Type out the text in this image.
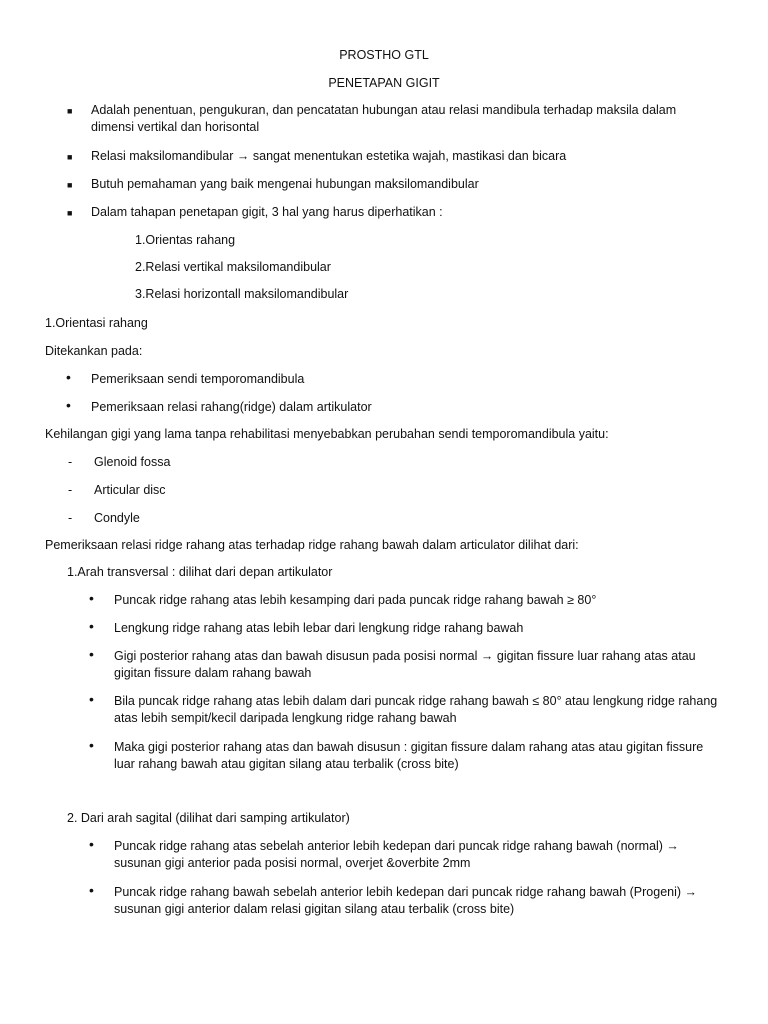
PROSTHO GTL
PENETAPAN GIGIT
■ Adalah penentuan, pengukuran, dan pencatatan hubungan atau relasi mandibula terhadap maksila dalam
dimensi vertikal dan horisontal
■ Relasi maksilomandibular → sangat menentukan estetika wajah, mastikasi dan bicara
■ Butuh pemahaman yang baik mengenai hubungan maksilomandibular
■ Dalam tahapan penetapan gigit, 3 hal yang harus diperhatikan :
1.Orientas rahang
2.Relasi vertikal maksilomandibular
3.Relasi horizontall maksilomandibular
1.Orientasi rahang
Ditekankan pada:
• Pemeriksaan sendi temporomandibula
• Pemeriksaan relasi rahang(ridge) dalam artikulator
Kehilangan gigi yang lama tanpa rehabilitasi menyebabkan perubahan sendi temporomandibula yaitu:
- Glenoid fossa
- Articular disc
- Condyle
Pemeriksaan relasi ridge rahang atas terhadap ridge rahang bawah dalam articulator dilihat dari:
1.Arah transversal : dilihat dari depan artikulator
• Puncak ridge rahang atas lebih kesamping dari pada puncak ridge rahang bawah ≥ 80°
• Lengkung ridge rahang atas lebih lebar dari lengkung ridge rahang bawah
• Gigi posterior rahang atas dan bawah disusun pada posisi normal → gigitan fissure luar rahang atas atau
gigitan fissure dalam rahang bawah
• Bila puncak ridge rahang atas lebih dalam dari puncak ridge rahang bawah ≤ 80° atau lengkung ridge rahang
atas lebih sempit/kecil daripada lengkung ridge rahang bawah
• Maka gigi posterior rahang atas dan bawah disusun : gigitan fissure dalam rahang atas atau gigitan fissure
luar rahang bawah atau gigitan silang atau terbalik (cross bite)
2. Dari arah sagital (dilihat dari samping artikulator)
• Puncak ridge rahang atas sebelah anterior lebih kedepan dari puncak ridge rahang bawah (normal) →
susunan gigi anterior pada posisi normal, overjet &overbite 2mm
• Puncak ridge rahang bawah sebelah anterior lebih kedepan dari puncak ridge rahang bawah (Progeni) →
susunan gigi anterior dalam relasi gigitan silang atau terbalik (cross bite)
